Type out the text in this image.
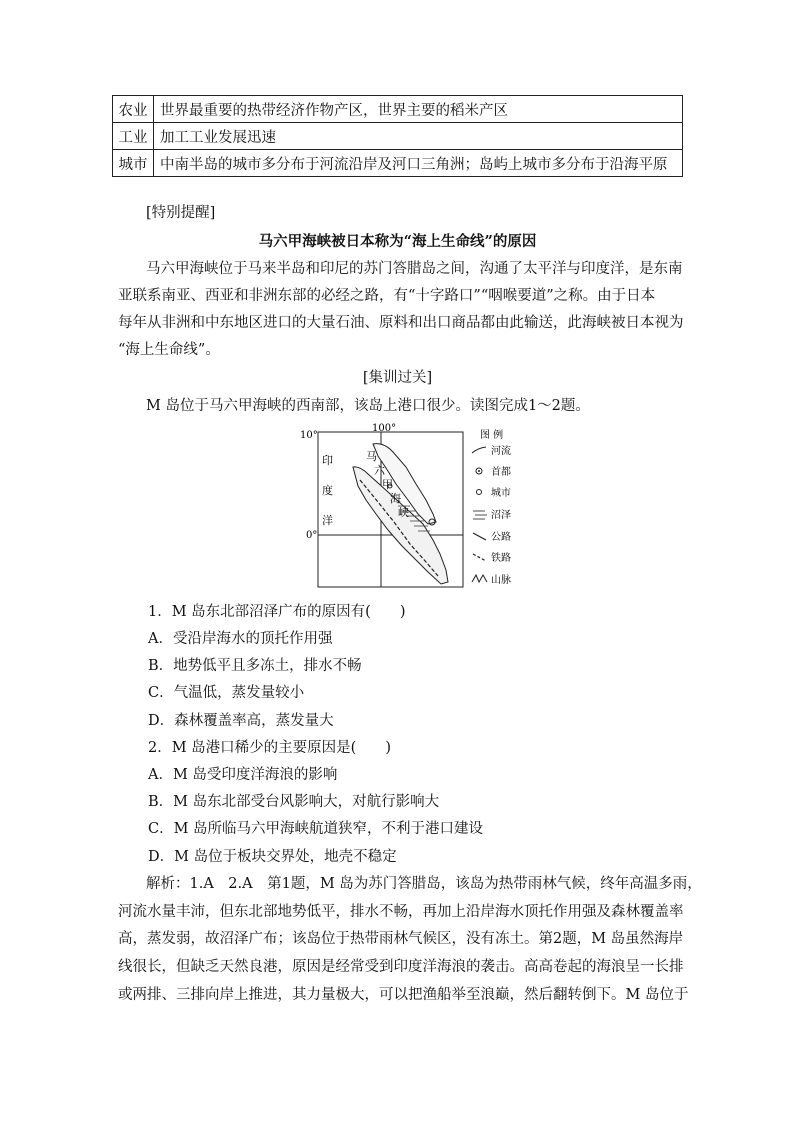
农业	世界最重要的热带经济作物产区，世界主要的稻米产区
工业	加工工业发展迅速
城市	中南半岛的城市多分布于河流沿岸及河口三角洲；岛屿上城市多分布于沿海平原
[特别提醒]
马六甲海峡被日本称为“海上生命线”的原因
马六甲海峡位于马来半岛和印尼的苏门答腊岛之间，沟通了太平洋与印度洋，是东南
亚联系南亚、西亚和非洲东部的必经之路，有“十字路口”“咽喉要道”之称。由于日本
每年从非洲和中东地区进口的大量石油、原料和出口商品都由此输送，此海峡被日本视为
“海上生命线”。
[集训过关]
M 岛位于马六甲海峡的西南部，该岛上港口很少。读图完成1～2题。
10°
0°
100°
印
度
洋
马
六
甲
海
峡
图 例
河流
首都
城市
沼泽
公路
铁路
山脉
1．M 岛东北部沼泽广布的原因有(　　)
A．受沿岸海水的顶托作用强
B．地势低平且多冻土，排水不畅
C．气温低，蒸发量较小
D．森林覆盖率高，蒸发量大
2．M 岛港口稀少的主要原因是(　　)
A．M 岛受印度洋海浪的影响
B．M 岛东北部受台风影响大，对航行影响大
C．M 岛所临马六甲海峡航道狭窄，不利于港口建设
D．M 岛位于板块交界处，地壳不稳定
解析：1.A　2.A　第1题，M 岛为苏门答腊岛，该岛为热带雨林气候，终年高温多雨，
河流水量丰沛，但东北部地势低平，排水不畅，再加上沿岸海水顶托作用强及森林覆盖率
高，蒸发弱，故沼泽广布；该岛位于热带雨林气候区，没有冻土。第2题，M 岛虽然海岸
线很长，但缺乏天然良港，原因是经常受到印度洋海浪的袭击。高高卷起的海浪呈一长排
或两排、三排向岸上推进，其力量极大，可以把渔船举至浪巅，然后翻转倒下。M 岛位于
